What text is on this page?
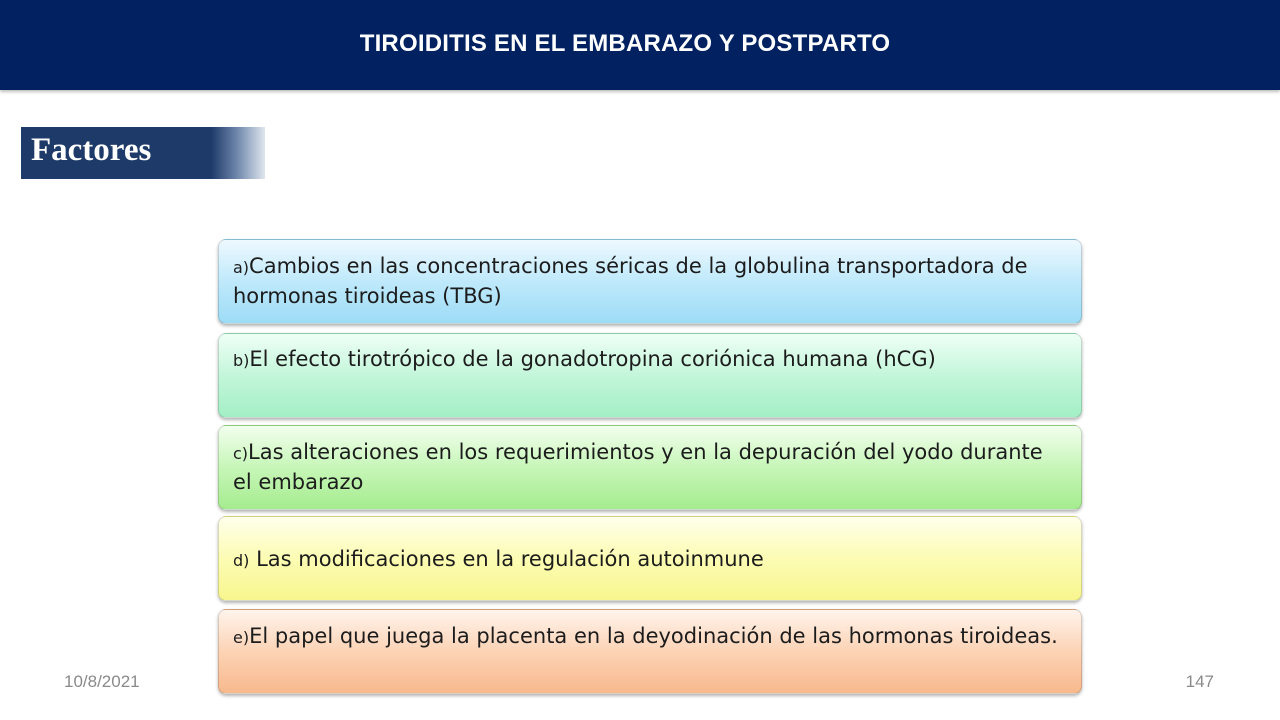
TIROIDITIS EN EL EMBARAZO Y POSTPARTO
Factores
a)Cambios en las concentraciones séricas de la globulina transportadora de hormonas tiroideas (TBG)
b)El efecto tirotrópico de la gonadotropina coriónica humana (hCG)
c)Las alteraciones en los requerimientos y en la depuración del yodo durante el embarazo
d) Las modificaciones en la regulación autoinmune
e)El papel que juega la placenta en la deyodinación de las hormonas tiroideas.
10/8/2021	147
